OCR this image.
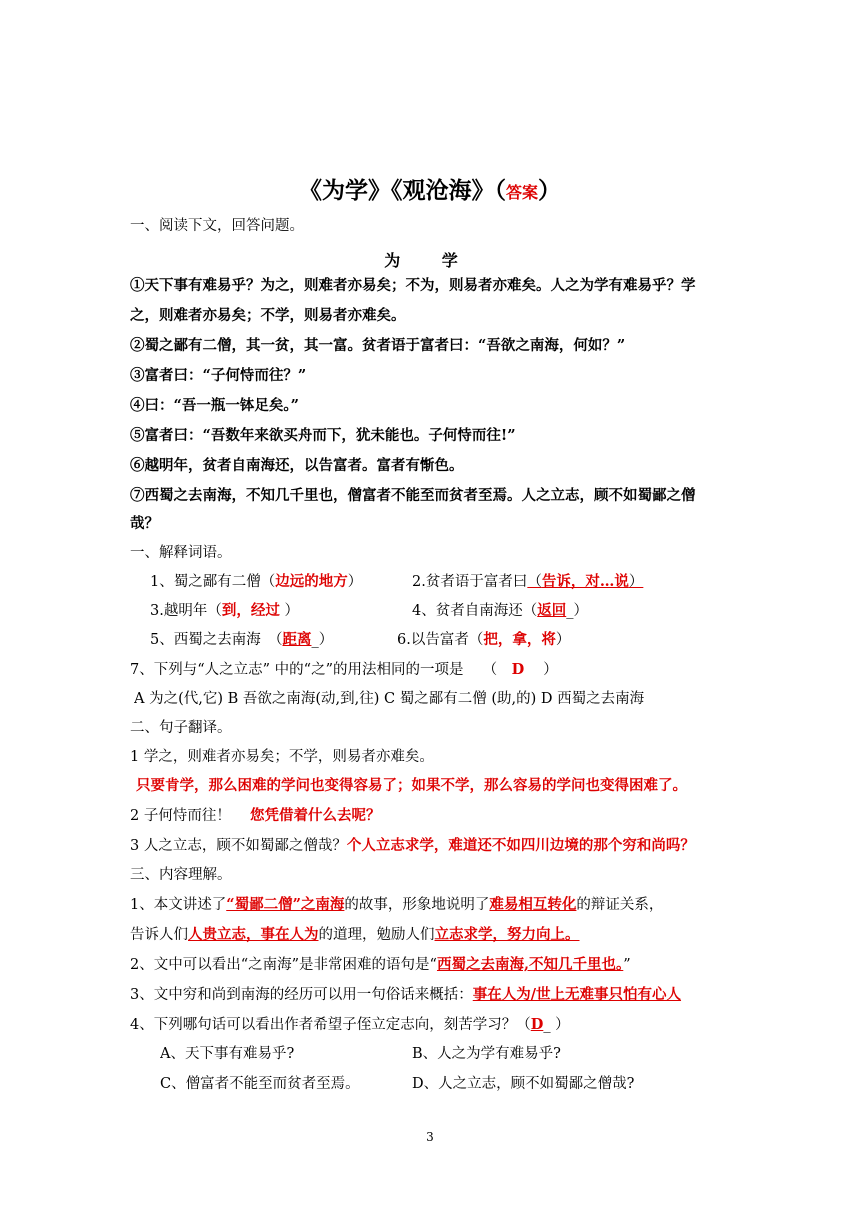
《为学》《观沧海》（答案）
一、阅读下文，回答问题。
为 学
①天下事有难易乎？为之，则难者亦易矣；不为，则易者亦难矣。人之为学有难易乎？学
之，则难者亦易矣；不学，则易者亦难矣。
②蜀之鄙有二僧，其一贫，其一富。贫者语于富者曰：“吾欲之南海，何如？”
③富者曰：“子何恃而往？”
④曰：“吾一瓶一钵足矣。”
⑤富者曰：“吾数年来欲买舟而下，犹未能也。子何恃而往!”
⑥越明年，贫者自南海还，以告富者。富者有惭色。
⑦西蜀之去南海，不知几千里也，僧富者不能至而贫者至焉。人之立志，顾不如蜀鄙之僧
哉？
一、解释词语。
1、蜀之鄙有二僧（边远的地方）	2.贫者语于富者曰（告诉，对…说）
3.越明年（到，经过 ）	4、贫者自南海还（返回_）
5、西蜀之去南海　（距离_）	6.以告富者（把，拿，将）
7、下列与“人之立志” 中的“之”的用法相同的一项是　 （　D　 ）
A 为之(代,它) B 吾欲之南海(动,到,往) C 蜀之鄙有二僧 (助,的) D 西蜀之去南海
二、句子翻译。
1 学之，则难者亦易矣；不学，则易者亦难矣。
只要肯学，那么困难的学问也变得容易了；如果不学，那么容易的学问也变得困难了。
2 子何恃而往！　 您凭借着什么去呢？
3 人之立志，顾不如蜀鄙之僧哉？个人立志求学，难道还不如四川边境的那个穷和尚吗？
三、内容理解。
1、本文讲述了“蜀鄙二僧”之南海的故事，形象地说明了难易相互转化的辩证关系，
告诉人们人贵立志，事在人为的道理，勉励人们立志求学，努力向上。
2、文中可以看出“之南海”是非常困难的语句是“西蜀之去南海,不知几千里也。”
3、文中穷和尚到南海的经历可以用一句俗话来概括：事在人为/世上无难事只怕有心人
4、下列哪句话可以看出作者希望子侄立定志向，刻苦学习？（D_ ）
A、天下事有难易乎?	B、人之为学有难易乎?
C、僧富者不能至而贫者至焉。	D、人之立志，顾不如蜀鄙之僧哉?
3
